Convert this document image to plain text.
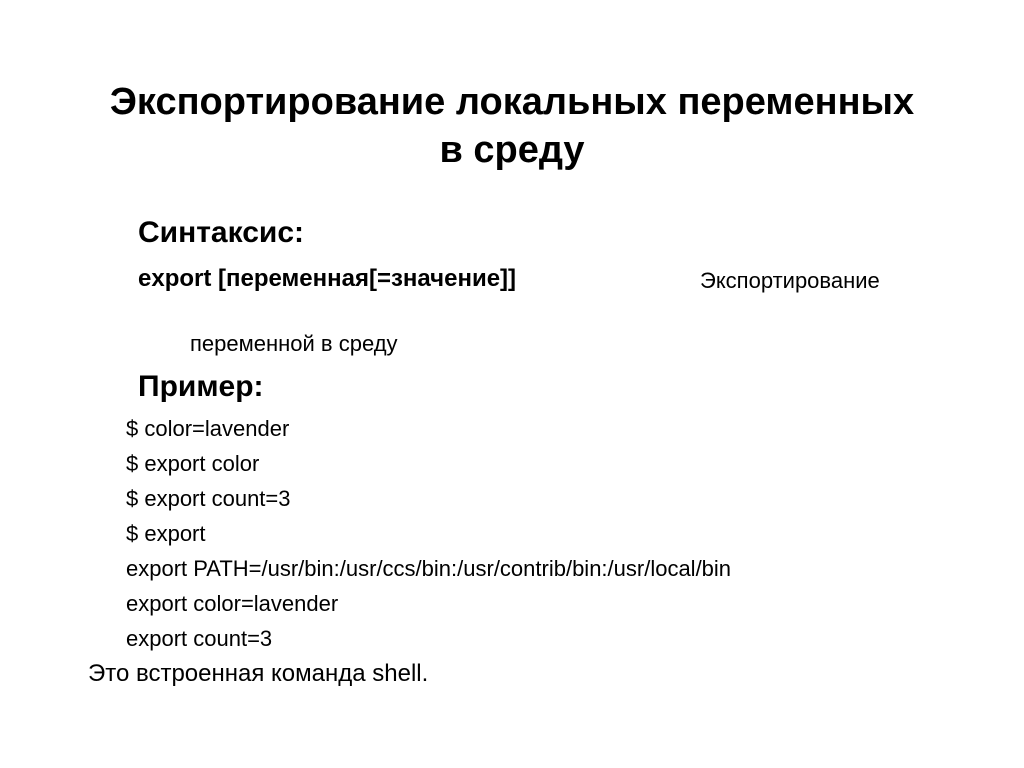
Экспортирование локальных переменных
в среду
Синтаксис:
export [переменная[=значение]]	Экспортирование
переменной в среду
Пример:
$ color=lavender
$ export color
$ export count=3
$ export
export PATH=/usr/bin:/usr/ccs/bin:/usr/contrib/bin:/usr/local/bin
export color=lavender
export count=3
Это встроенная команда shell.
